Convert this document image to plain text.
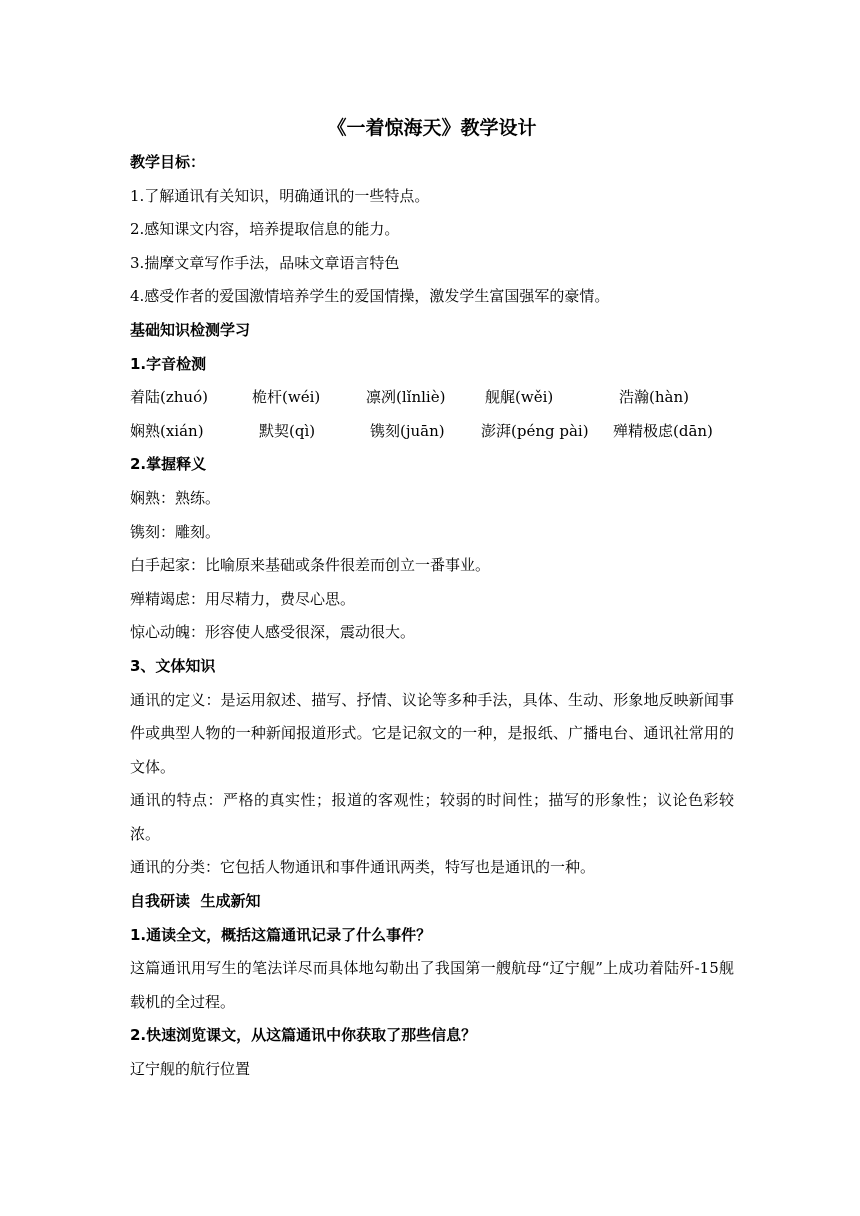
《一着惊海天》教学设计
教学目标：
1.了解通讯有关知识，明确通讯的一些特点。
2.感知课文内容，培养提取信息的能力。
3.揣摩文章写作手法，品味文章语言特色
4.感受作者的爱国激情培养学生的爱国情操，激发学生富国强军的豪情。
基础知识检测学习
1.字音检测
着陆(zhuó)	桅杆(wéi)	凛冽(lǐnliè)	舰艉(wěi)	浩瀚(hàn)
娴熟(xián)	默契(qì)	镌刻(juān)	澎湃(péng pài)	殚精极虑(dān)
2.掌握释义
娴熟：熟练。
镌刻：雕刻。
白手起家：比喻原来基础或条件很差而创立一番事业。
殚精竭虑：用尽精力，费尽心思。
惊心动魄：形容使人感受很深，震动很大。
3、文体知识
通讯的定义：是运用叙述、描写、抒情、议论等多种手法，具体、生动、形象地反映新闻事件或典型人物的一种新闻报道形式。它是记叙文的一种，是报纸、广播电台、通讯社常用的文体。
通讯的特点：严格的真实性；报道的客观性；较弱的时间性；描写的形象性；议论色彩较浓。
通讯的分类：它包括人物通讯和事件通讯两类，特写也是通讯的一种。
自我研读  生成新知
1.通读全文，概括这篇通讯记录了什么事件？
这篇通讯用写生的笔法详尽而具体地勾勒出了我国第一艘航母“辽宁舰”上成功着陆歼-15舰载机的全过程。
2.快速浏览课文，从这篇通讯中你获取了那些信息？
辽宁舰的航行位置
